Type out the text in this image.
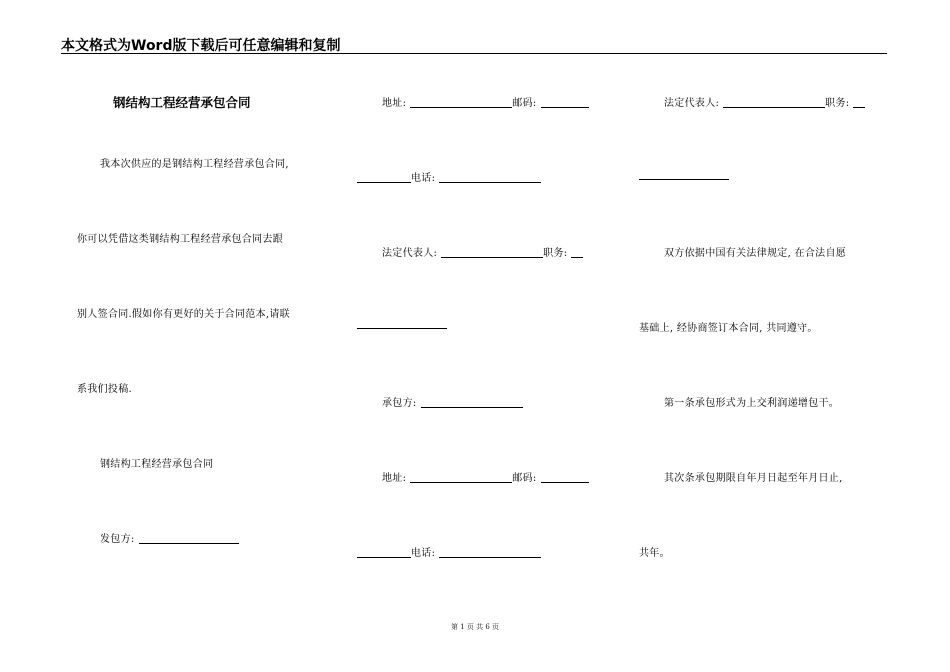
本文格式为Word版下载后可任意编辑和复制
钢结构工程经营承包合同
我本次供应的是钢结构工程经营承包合同,
你可以凭借这类钢结构工程经营承包合同去跟
别人签合同.假如你有更好的关于合同范本,请联
系我们投稿.
钢结构工程经营承包合同
发包方:
地址:	邮码:
电话:
法定代表人:	职务:
承包方:
地址:	邮码:
电话:
法定代表人:	职务:
双方依据中国有关法律规定, 在合法自愿
基础上, 经协商签订本合同, 共同遵守。
第一条承包形式为上交利润递增包干。
其次条承包期限自年月日起至年月日止,
共年。
第 1 页 共 6 页
